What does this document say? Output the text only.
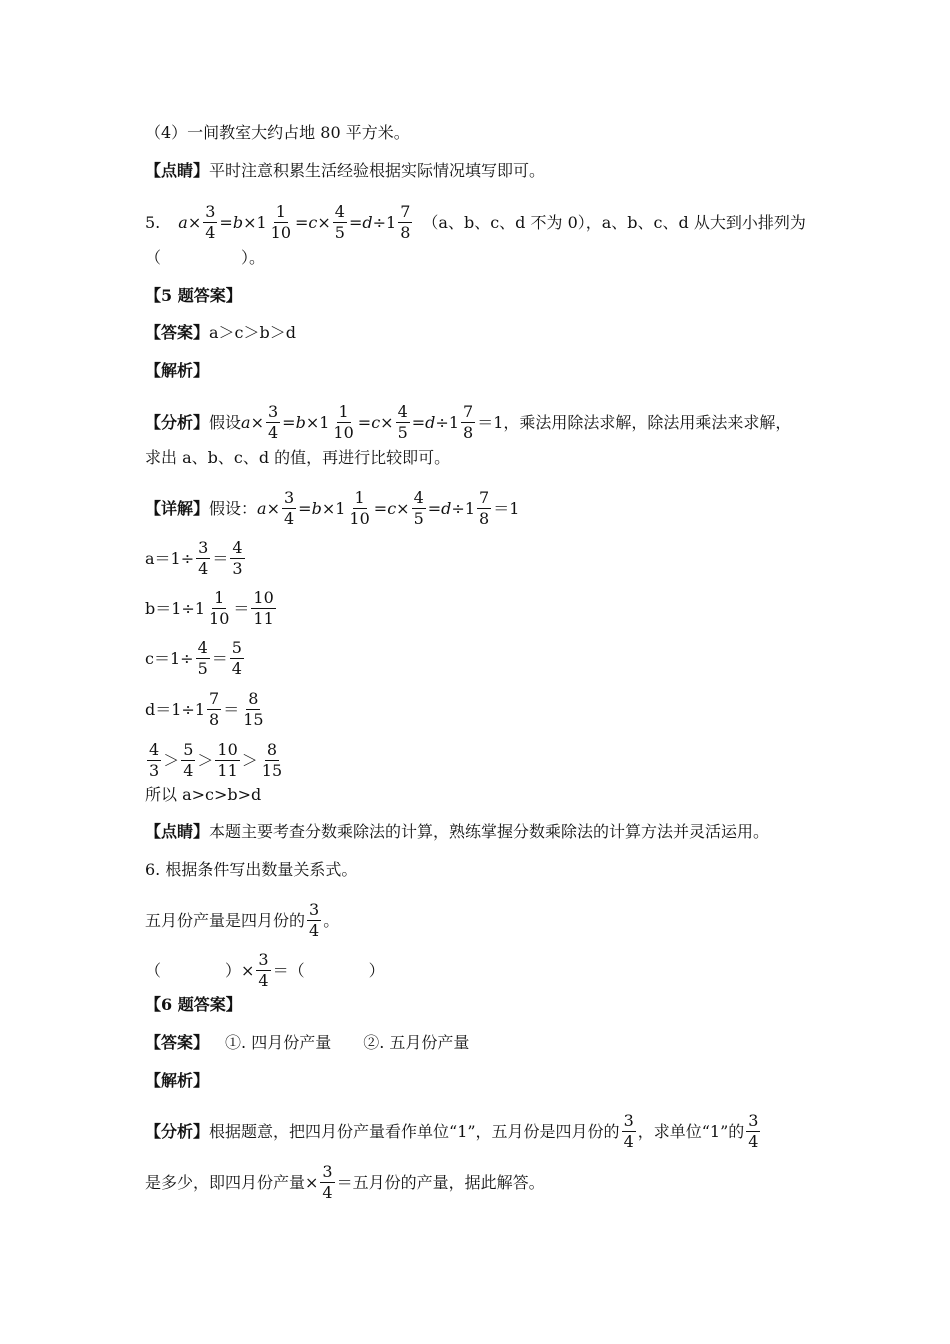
（4）一间教室大约占地 80 平方米。
【点睛】 平时注意积累生活经验根据实际情况填写即可。
5. $a \times \frac{3}{4} = b \times 1 \frac{1}{10} = c \times \frac{4}{5} = d \div 1 \frac{7}{8} (a$、b、c、d 不为 0），a、b、c、d 从大到小排列为
（　　　　　）。
【5 题答案】
【答案】 a＞c＞b＞d
【解析】
【分析】 假设 $a \times \frac{3}{4} = b \times 1 \frac{1}{10} = c \times \frac{4}{5} = d \div 1 \frac{7}{8} =1$，乘法用除法求解，除法用乘法来求解，
求出 a、b、c、d 的值，再进行比较即可。
【详解】 假设： $a \times \frac{3}{4} = b \times 1 \frac{1}{10} = c \times \frac{4}{5} = d \div 1 \frac{7}{8} =1$
$a=1\div \frac{3}{4} = \frac{4}{3}$
$b=1\div 1 \frac{1}{10} = \frac{10}{11}$
$c=1\div \frac{4}{5} = \frac{5}{4}$
$d=1\div 1 \frac{7}{8} = \frac{8}{15}$
$\frac{4}{3} > \frac{5}{4} > \frac{10}{11} > \frac{8}{15}$
所以 a>c>b>d
【点睛】 本题主要考查分数乘除法的计算，熟练掌握分数乘除法的计算方法并灵活运用。
6. 根据条件写出数量关系式。
五月份产量是四月份的 $\frac{3}{4}$ 。
（　　　　）× $\frac{3}{4}$ ＝（　　　　）
【6 题答案】
【答案】 　①. 四月份产量　　②. 五月份产量
【解析】
【分析】 根据题意，把四月份产量看作单位“1”，五月份是四月份的 $\frac{3}{4}$ ，求单位“1”的 $\frac{3}{4}$
是多少，即四月份产量× $\frac{3}{4}$ ＝五月份的产量，据此解答。
